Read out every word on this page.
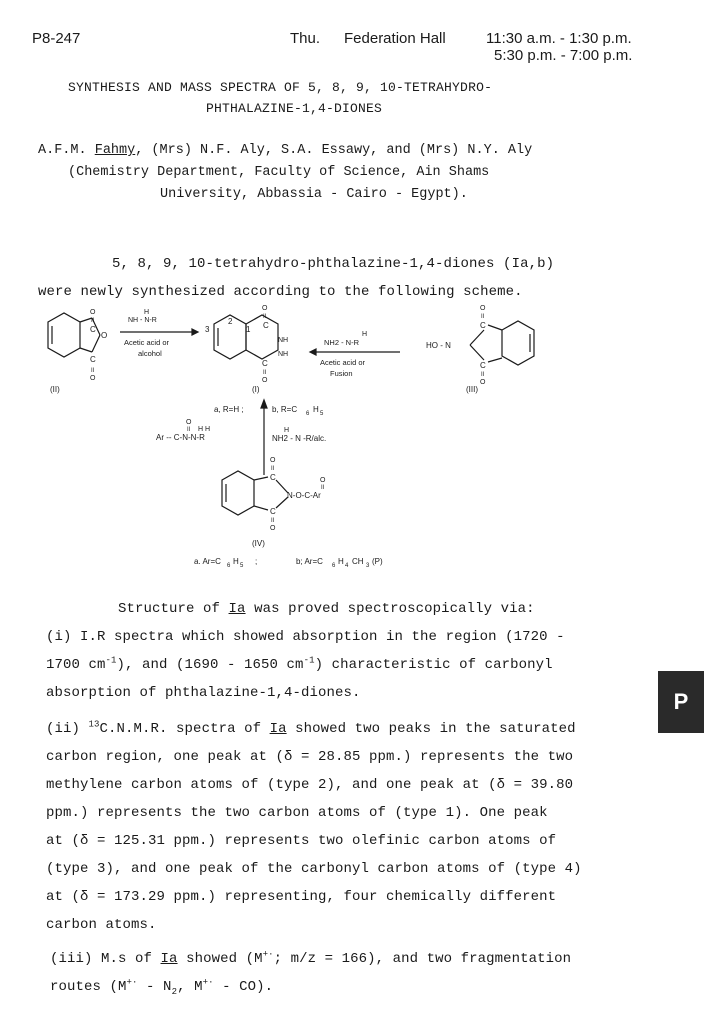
P8-247	Thu. Federation Hall	11:30 a.m. - 1:30 p.m.
5:30 p.m. - 7:00 p.m.
SYNTHESIS AND MASS SPECTRA OF 5, 8, 9, 10-TETRAHYDRO-
PHTHALAZINE-1,4-DIONES
A.F.M. Fahmy, (Mrs) N.F. Aly, S.A. Essawy, and (Mrs) N.Y. Aly
(Chemistry Department, Faculty of Science, Ain Shams
University, Abbassia - Cairo - Egypt).
5, 8, 9, 10-tetrahydro-phthalazine-1,4-diones (Ia,b)
were newly synthesized according to the following scheme.
C
C
O
O
II
II
O
(II)
H
NH - N-R
Acetic acid or
alcohol
3
2
1
O
II
C
NH
NH
C
II
O
(I)
H
NH2 - N-R
Acetic acid or
Fusion
HO - N
O
II
C
C
II
O
(III)
a, R=H ;	b, R=C 6 H 5
O
II H H
Ar -- C-N-N-R
H
NH2 - N -R/alc.
O
II
C
C
II
O
O
II
N-O-C-Ar
(IV)
a. Ar=C 6 H 5 ;	b; Ar=C 6 H 4 CH 3 (P)
Structure of Ia was proved spectroscopically via:
(i) I.R spectra which showed absorption in the region (1720 -
1700 $cm^{-1}$), and (1690 - 1650 $cm^{-1}$) characteristic of carbonyl
absorption of phthalazine-1,4-diones.
(ii) $^{13}$C.N.M.R. spectra of Ia showed two peaks in the saturated
carbon region, one peak at (δ = 28.85 ppm.) represents the two
methylene carbon atoms of (type 2), and one peak at (δ = 39.80
ppm.) represents the two carbon atoms of (type 1). One peak
at (δ = 125.31 ppm.) represents two olefinic carbon atoms of
(type 3), and one peak of the carbonyl carbon atoms of (type 4)
at (δ = 173.29 ppm.) representing, four chemically different
carbon atoms.
(iii) M.s of Ia showed (M+·; m/z = 166), and two fragmentation
routes ($M^{+\cdot} - N_2$, M+· - CO).
P
